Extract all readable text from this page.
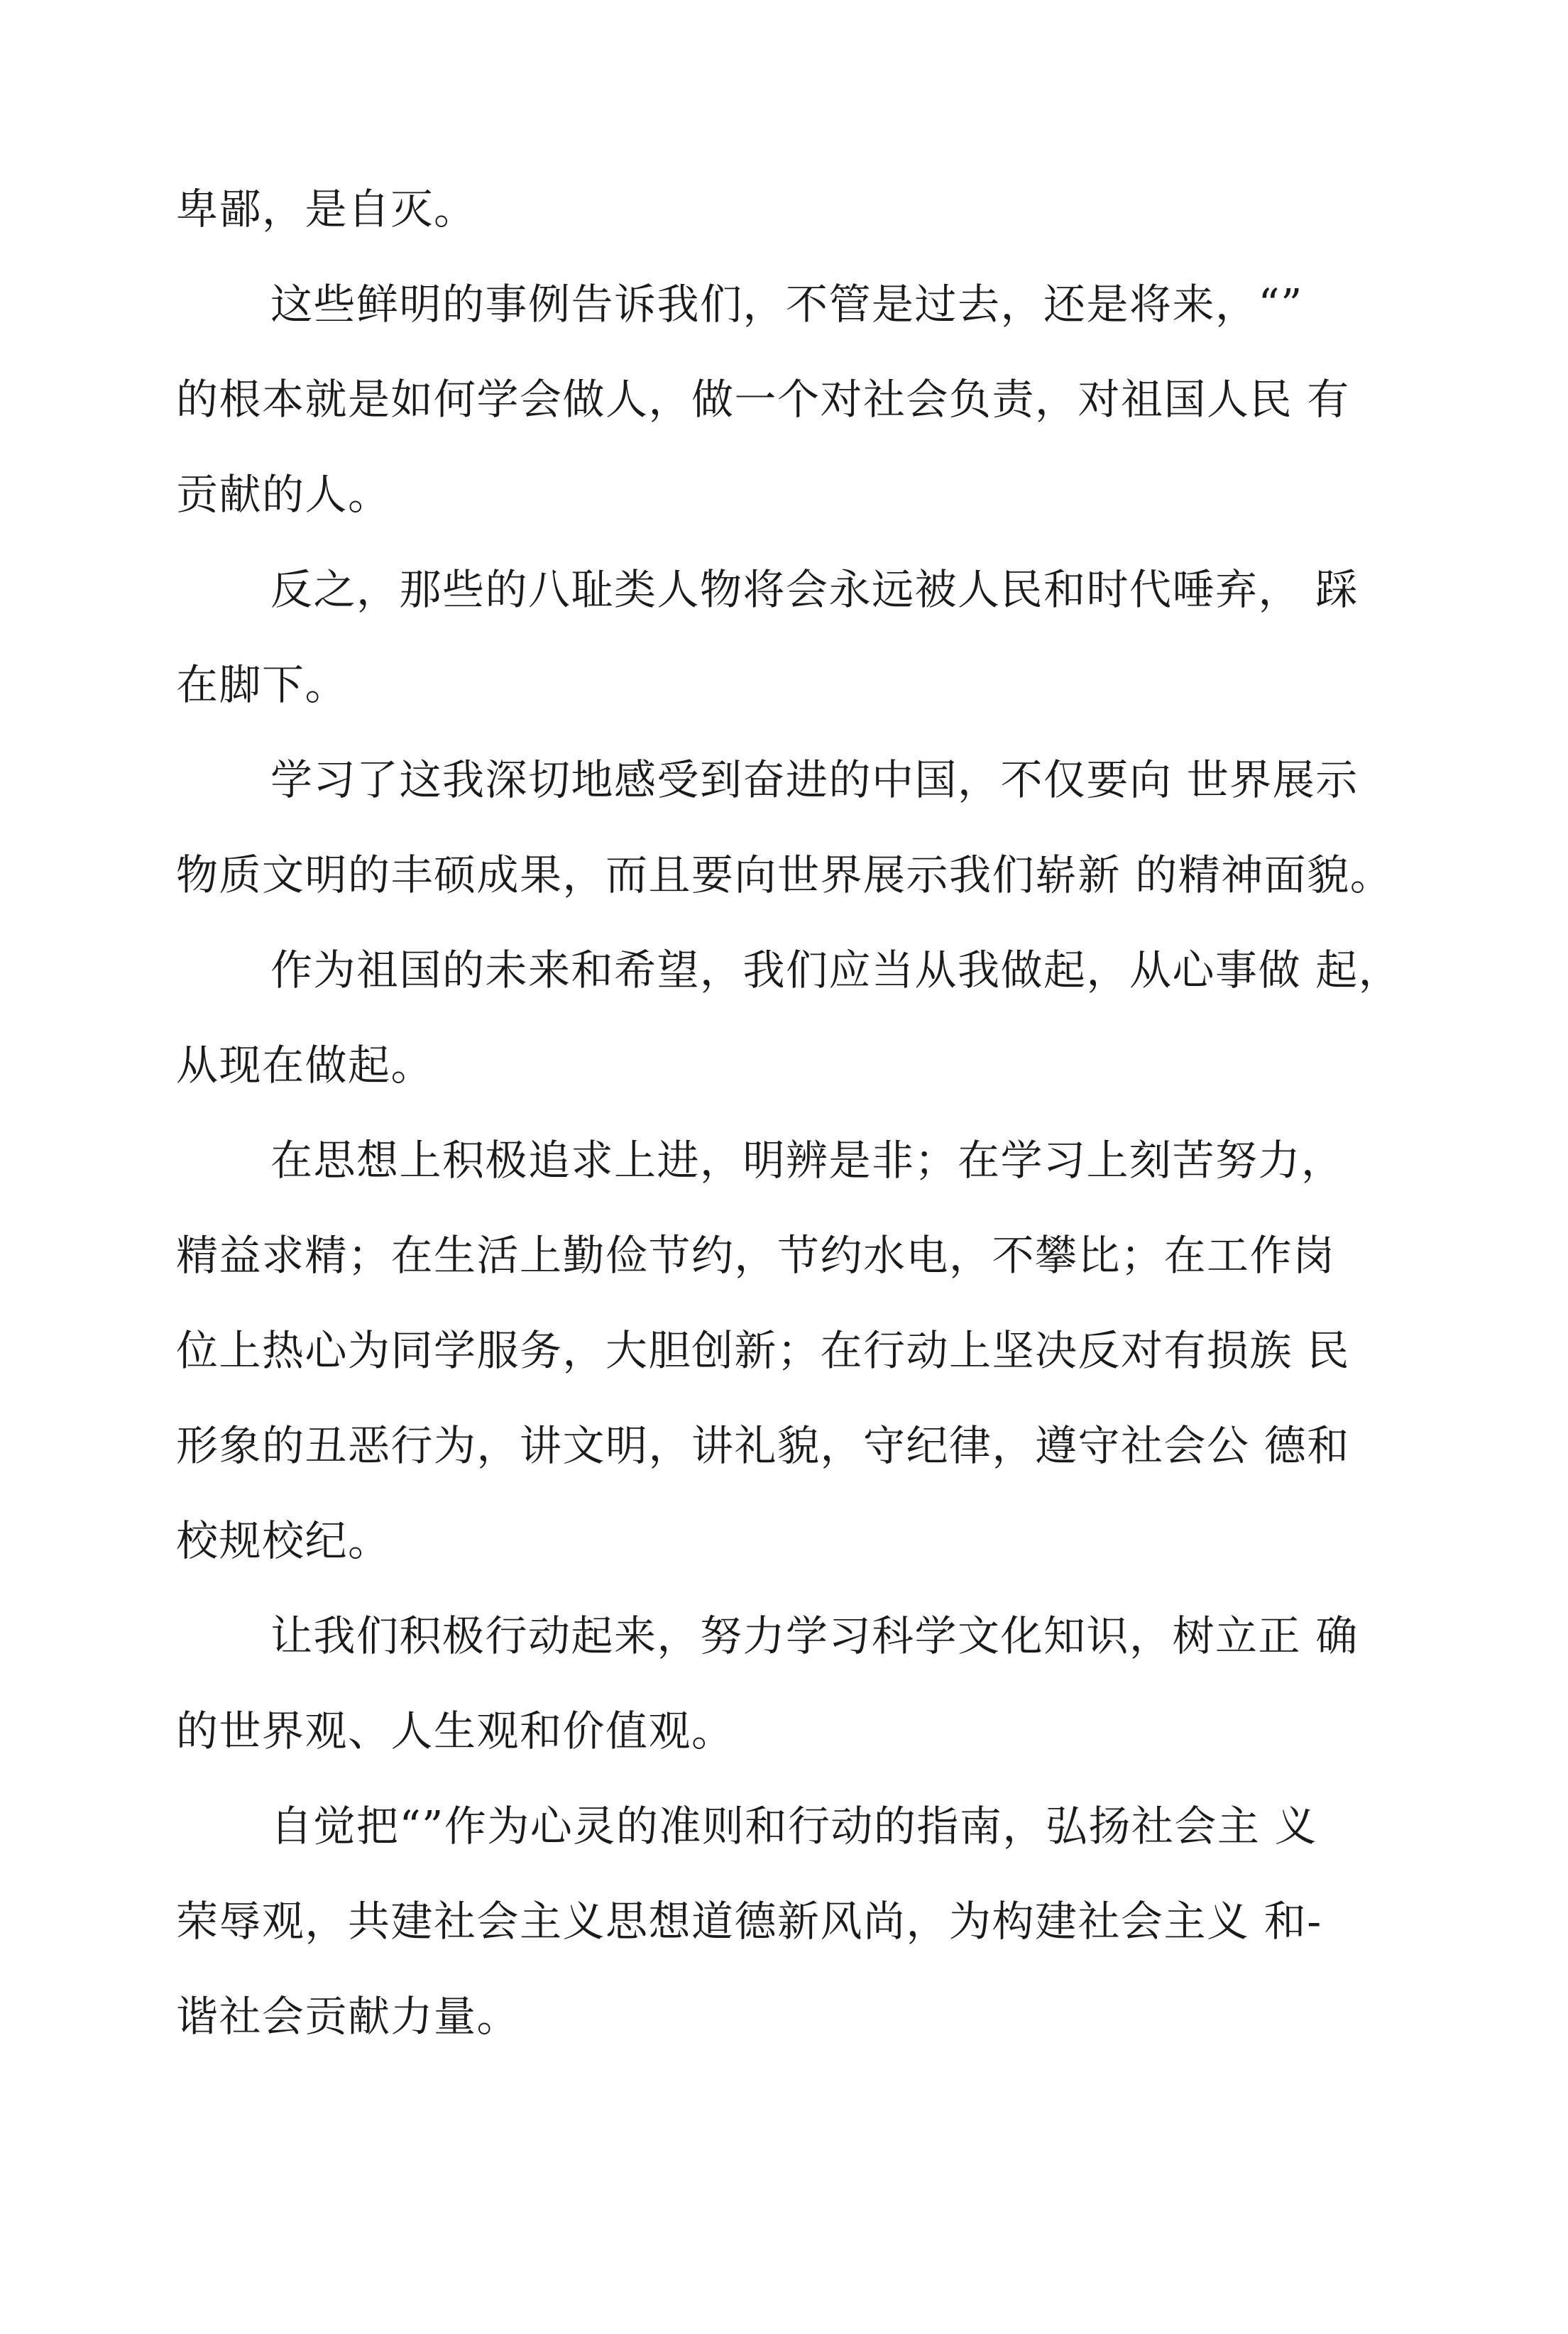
卑鄙，是自灭。
这些鲜明的事例告诉我们，不管是过去，还是将来，“”
的根本就是如何学会做人，做一个对社会负责，对祖国人民 有
贡献的人。
反之，那些的八耻类人物将会永远被人民和时代唾弃， 踩
在脚下。
学习了这我深切地感受到奋进的中国，不仅要向 世界展示
物质文明的丰硕成果，而且要向世界展示我们崭新 的精神面貌。
作为祖国的未来和希望，我们应当从我做起，从心事做 起，
从现在做起。
在思想上积极追求上进，明辨是非；在学习上刻苦努力，
精益求精；在生活上勤俭节约，节约水电，不攀比；在工作岗
位上热心为同学服务，大胆创新；在行动上坚决反对有损族 民
形象的丑恶行为，讲文明，讲礼貌，守纪律，遵守社会公 德和
校规校纪。
让我们积极行动起来，努力学习科学文化知识，树立正 确
的世界观、人生观和价值观。
自觉把“”作为心灵的准则和行动的指南，弘扬社会主 义
荣辱观，共建社会主义思想道德新风尚，为构建社会主义 和-
谐社会贡献力量。
